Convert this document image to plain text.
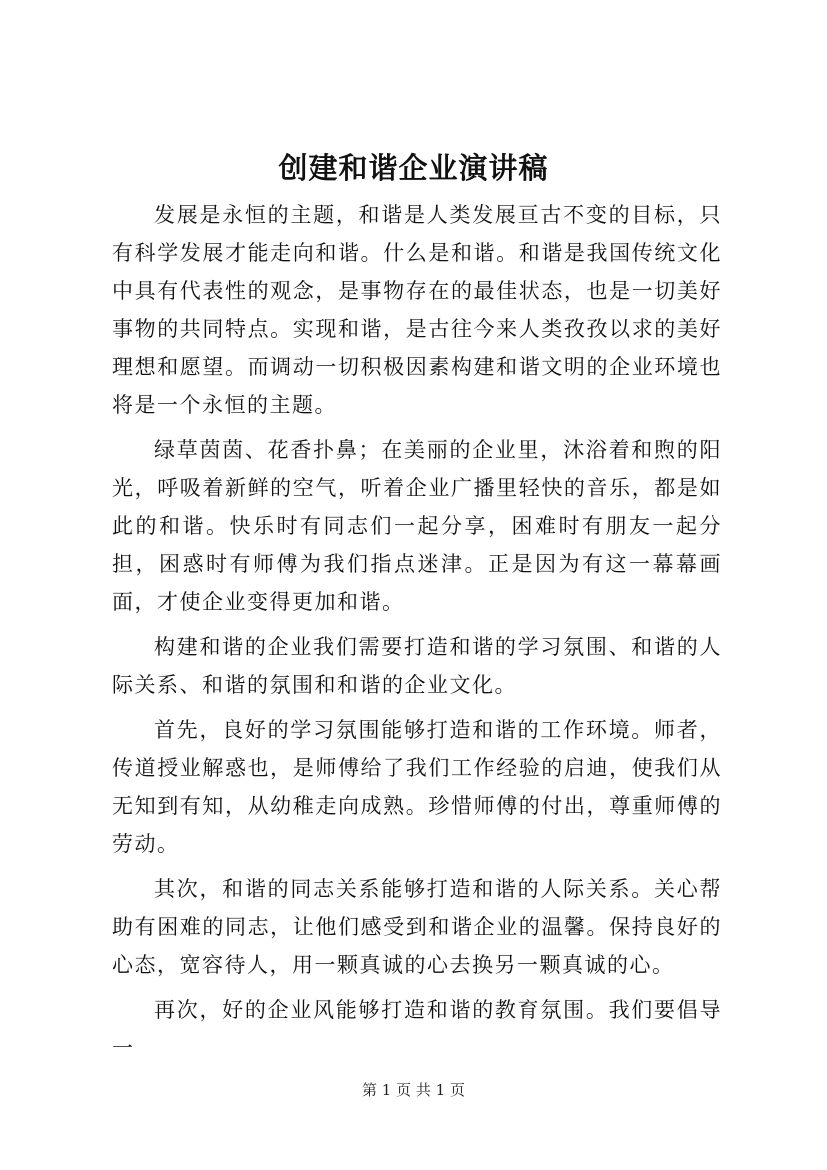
创建和谐企业演讲稿

发展是永恒的主题，和谐是人类发展亘古不变的目标，只有科学发展才能走向和谐。什么是和谐。和谐是我国传统文化中具有代表性的观念，是事物存在的最佳状态，也是一切美好事物的共同特点。实现和谐，是古往今来人类孜孜以求的美好理想和愿望。而调动一切积极因素构建和谐文明的企业环境也将是一个永恒的主题。

绿草茵茵、花香扑鼻；在美丽的企业里，沐浴着和煦的阳光，呼吸着新鲜的空气，听着企业广播里轻快的音乐，都是如此的和谐。快乐时有同志们一起分享，困难时有朋友一起分担，困惑时有师傅为我们指点迷津。正是因为有这一幕幕画面，才使企业变得更加和谐。

构建和谐的企业我们需要打造和谐的学习氛围、和谐的人际关系、和谐的氛围和和谐的企业文化。

首先，良好的学习氛围能够打造和谐的工作环境。师者，传道授业解惑也，是师傅给了我们工作经验的启迪，使我们从无知到有知，从幼稚走向成熟。珍惜师傅的付出，尊重师傅的劳动。

其次，和谐的同志关系能够打造和谐的人际关系。关心帮助有困难的同志，让他们感受到和谐企业的温馨。保持良好的心态，宽容待人，用一颗真诚的心去换另一颗真诚的心。

再次，好的企业风能够打造和谐的教育氛围。我们要倡导一

第 1 页 共 1 页
